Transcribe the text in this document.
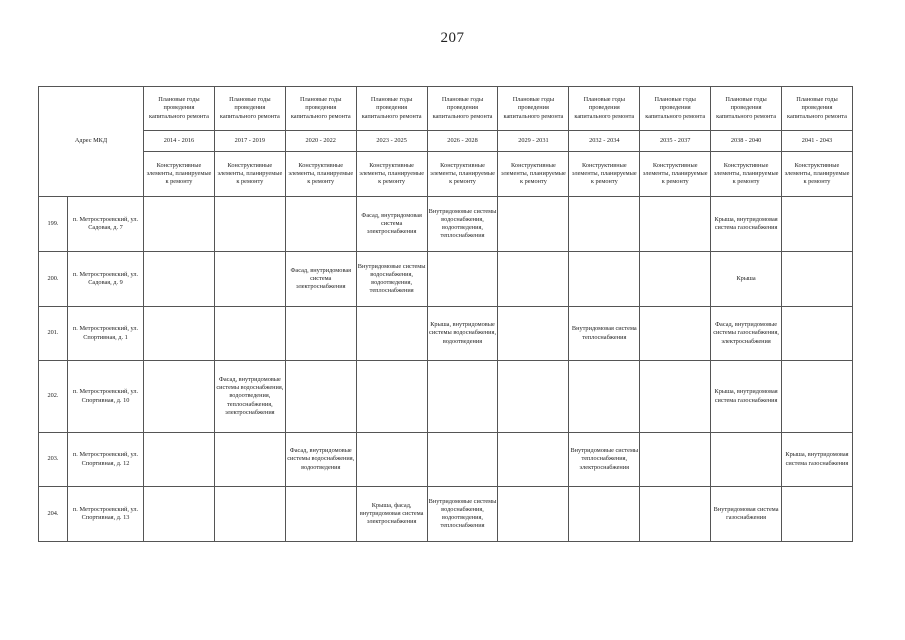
207
Адрес МКД		Плановые годы проведения капитального ремонта	Плановые годы проведения капитального ремонта	Плановые годы проведения капитального ремонта	Плановые годы проведения капитального ремонта	Плановые годы проведения капитального ремонта	Плановые годы проведения капитального ремонта	Плановые годы проведения капитального ремонта	Плановые годы проведения капитального ремонта	Плановые годы проведения капитального ремонта	Плановые годы проведения капитального ремонта
		2014 - 2016	2017 - 2019	2020 - 2022	2023 - 2025	2026 - 2028	2029 - 2031	2032 - 2034	2035 - 2037	2038 - 2040	2041 - 2043
		Конструктивные элементы, планируемые к ремонту	Конструктивные элементы, планируемые к ремонту	Конструктивные элементы, планируемые к ремонту	Конструктивные элементы, планируемые к ремонту	Конструктивные элементы, планируемые к ремонту	Конструктивные элементы, планируемые к ремонту	Конструктивные элементы, планируемые к ремонту	Конструктивные элементы, планируемые к ремонту	Конструктивные элементы, планируемые к ремонту	Конструктивные элементы, планируемые к ремонту
199.	п. Метростроевский, ул. Садовая, д. 7				Фасад, внутридомовая система электроснабжения	Внутридомовые системы водоснабжения, водоотведения, теплоснабжения				Крыша, внутридомовая система газоснабжения	
200.	п. Метростроевский, ул. Садовая, д. 9			Фасад, внутридомовая система электроснабжения	Внутридомовые системы водоснабжения, водоотведения, теплоснабжения					Крыша	
201.	п. Метростроевский, ул. Спортивная, д. 1					Крыша, внутридомовые системы водоснабжения, водоотведения		Внутридомовая система теплоснабжения		Фасад, внутридомовые системы газоснабжения, электроснабжения	
202.	п. Метростроевский, ул. Спортивная, д. 10		Фасад, внутридомовые системы водоснабжения, водоотведения, теплоснабжения, электроснабжения							Крыша, внутридомовая система газоснабжения	
203.	п. Метростроевский, ул. Спортивная, д. 12			Фасад, внутридомовые системы водоснабжения, водоотведения				Внутридомовые системы теплоснабжения, электроснабжения			Крыша, внутридомовая система газоснабжения
204.	п. Метростроевский, ул. Спортивная, д. 13				Крыша, фасад, внутридомовая система электроснабжения	Внутридомовые системы водоснабжения, водоотведения, теплоснабжения				Внутридомовая система газоснабжения	
